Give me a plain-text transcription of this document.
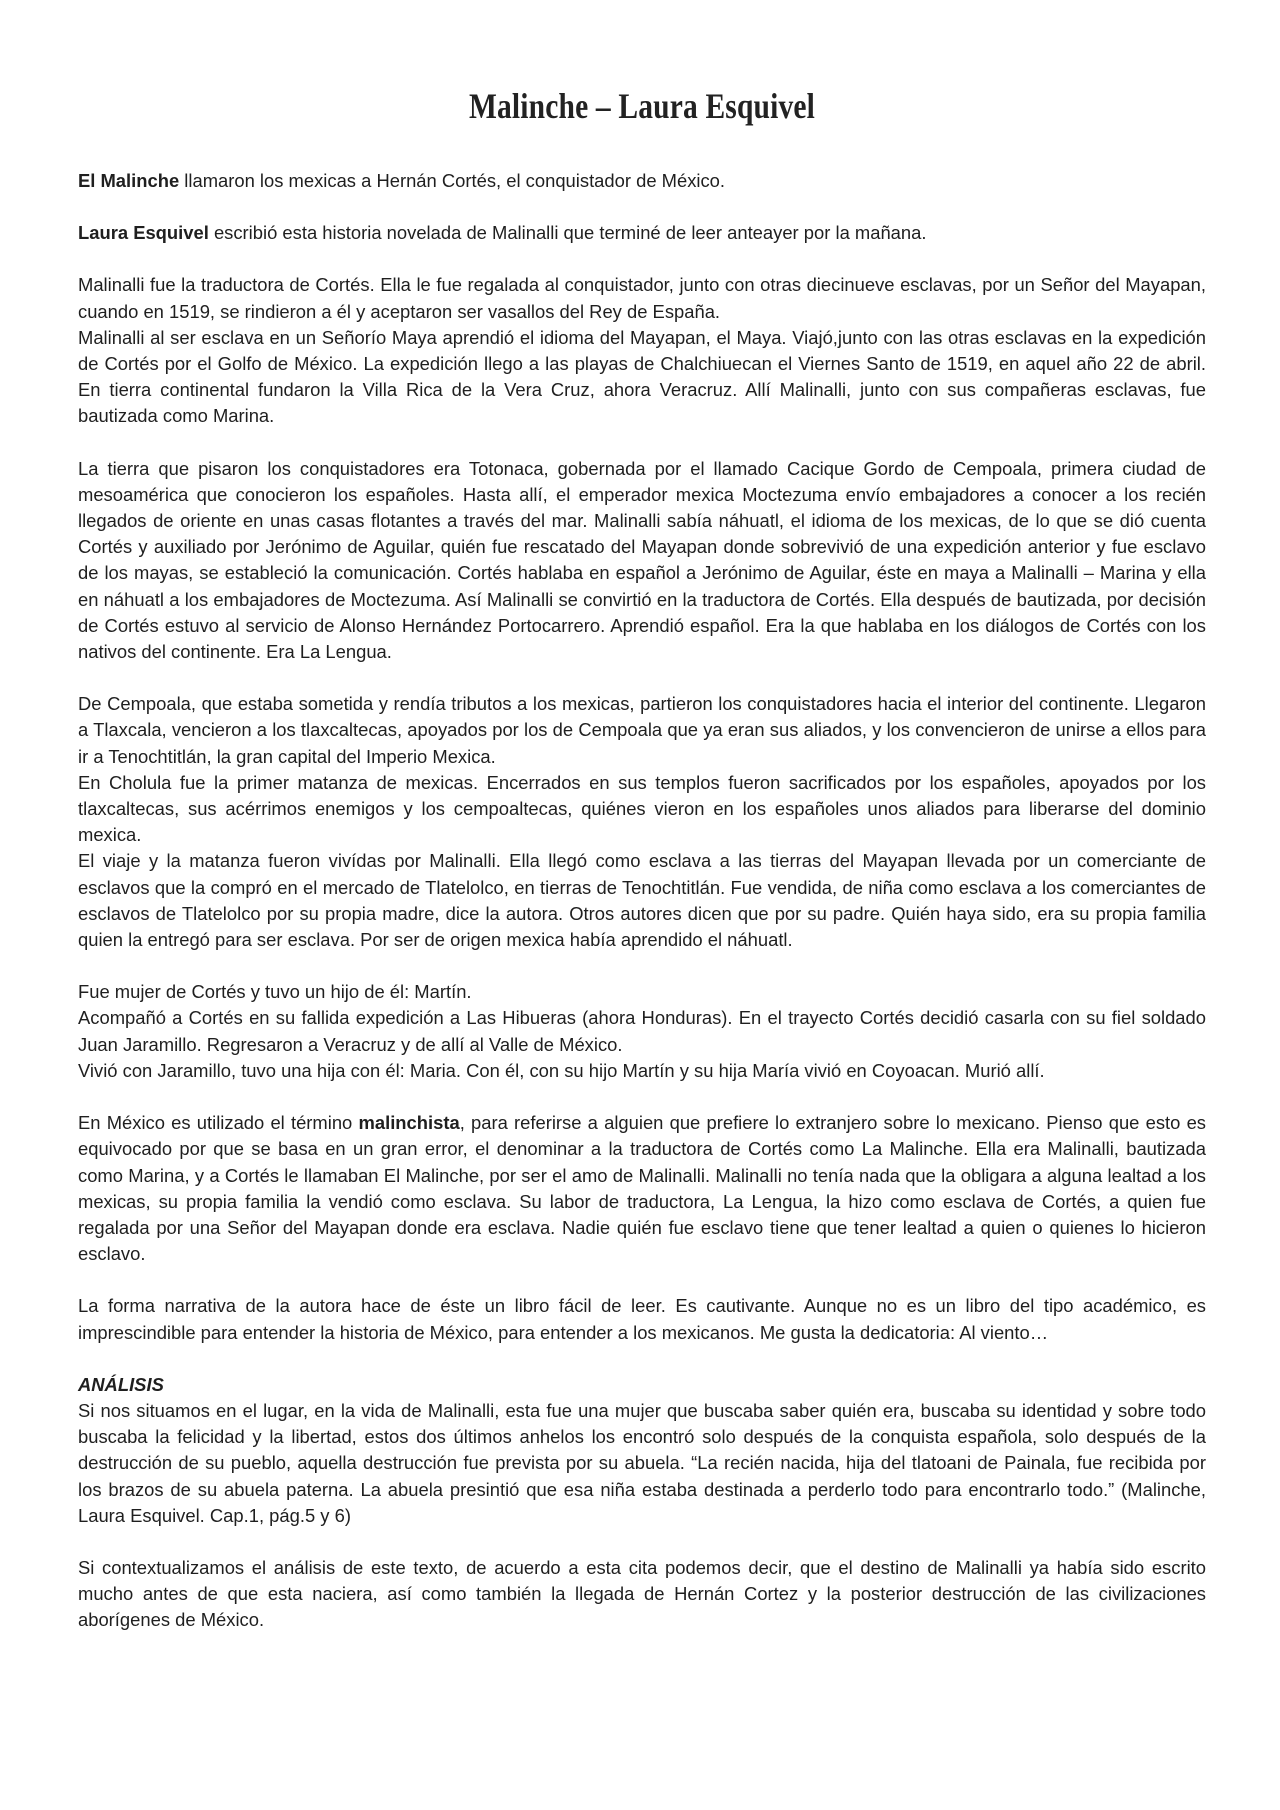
Malinche – Laura Esquivel

El Malinche llamaron los mexicas a Hernán Cortés, el conquistador de México.

Laura Esquivel escribió esta historia novelada de Malinalli que terminé de leer anteayer por la mañana.

Malinalli fue la traductora de Cortés. Ella le fue regalada al conquistador, junto con otras diecinueve esclavas, por un Señor del Mayapan, cuando en 1519, se rindieron a él y aceptaron ser vasallos del Rey de España.

Malinalli al ser esclava en un Señorío Maya aprendió el idioma del Mayapan, el Maya. Viajó,junto con las otras esclavas en la expedición de Cortés por el Golfo de México. La expedición llego a las playas de Chalchiuecan el Viernes Santo de 1519, en aquel año 22 de abril. En tierra continental fundaron la Villa Rica de la Vera Cruz, ahora Veracruz. Allí Malinalli, junto con sus compañeras esclavas, fue bautizada como Marina.

La tierra que pisaron los conquistadores era Totonaca, gobernada por el llamado Cacique Gordo de Cempoala, primera ciudad de mesoamérica que conocieron los españoles. Hasta allí, el emperador mexica Moctezuma envío embajadores a conocer a los recién llegados de oriente en unas casas flotantes a través del mar. Malinalli sabía náhuatl, el idioma de los mexicas, de lo que se dió cuenta Cortés y auxiliado por Jerónimo de Aguilar, quién fue rescatado del Mayapan donde sobrevivió de una expedición anterior y fue esclavo de los mayas, se estableció la comunicación. Cortés hablaba en español a Jerónimo de Aguilar, éste en maya a Malinalli – Marina y ella en náhuatl a los embajadores de Moctezuma. Así Malinalli se convirtió en la traductora de Cortés. Ella después de bautizada, por decisión de Cortés estuvo al servicio de Alonso Hernández Portocarrero. Aprendió español. Era la que hablaba en los diálogos de Cortés con los nativos del continente. Era La Lengua.

De Cempoala, que estaba sometida y rendía tributos a los mexicas, partieron los conquistadores hacia el interior del continente. Llegaron a Tlaxcala, vencieron a los tlaxcaltecas, apoyados por los de Cempoala que ya eran sus aliados, y los convencieron de unirse a ellos para ir a Tenochtitlán, la gran capital del Imperio Mexica.

En Cholula fue la primer matanza de mexicas. Encerrados en sus templos fueron sacrificados por los españoles, apoyados por los tlaxcaltecas, sus acérrimos enemigos y los cempoaltecas, quiénes vieron en los españoles unos aliados para liberarse del dominio mexica.

El viaje y la matanza fueron vivídas por Malinalli. Ella llegó como esclava a las tierras del Mayapan llevada por un comerciante de esclavos que la compró en el mercado de Tlatelolco, en tierras de Tenochtitlán. Fue vendida, de niña como esclava a los comerciantes de esclavos de Tlatelolco por su propia madre, dice la autora. Otros autores dicen que por su padre. Quién haya sido, era su propia familia quien la entregó para ser esclava. Por ser de origen mexica había aprendido el náhuatl.

Fue mujer de Cortés y tuvo un hijo de él: Martín.

Acompañó a Cortés en su fallida expedición a Las Hibueras (ahora Honduras). En el trayecto Cortés decidió casarla con su fiel soldado Juan Jaramillo. Regresaron a Veracruz y de allí al Valle de México.

Vivió con Jaramillo, tuvo una hija con él: Maria. Con él, con su hijo Martín y su hija María vivió en Coyoacan. Murió allí.

En México es utilizado el término malinchista, para referirse a alguien que prefiere lo extranjero sobre lo mexicano. Pienso que esto es equivocado por que se basa en un gran error, el denominar a la traductora de Cortés como La Malinche. Ella era Malinalli, bautizada como Marina, y a Cortés le llamaban El Malinche, por ser el amo de Malinalli. Malinalli no tenía nada que la obligara a alguna lealtad a los mexicas, su propia familia la vendió como esclava. Su labor de traductora, La Lengua, la hizo como esclava de Cortés, a quien fue regalada por una Señor del Mayapan donde era esclava. Nadie quién fue esclavo tiene que tener lealtad a quien o quienes lo hicieron esclavo.

La forma narrativa de la autora hace de éste un libro fácil de leer. Es cautivante. Aunque no es un libro del tipo académico, es imprescindible para entender la historia de México, para entender a los mexicanos. Me gusta la dedicatoria: Al viento…

ANÁLISIS

Si nos situamos en el lugar, en la vida de Malinalli, esta fue una mujer que buscaba saber quién era, buscaba su identidad y sobre todo buscaba la felicidad y la libertad, estos dos últimos anhelos los encontró solo después de la conquista española, solo después de la destrucción de su pueblo, aquella destrucción fue prevista por su abuela. “La recién nacida, hija del tlatoani de Painala, fue recibida por los brazos de su abuela paterna. La abuela presintió que esa niña estaba destinada a perderlo todo para encontrarlo todo.” (Malinche, Laura Esquivel. Cap.1, pág.5 y 6)

Si contextualizamos el análisis de este texto, de acuerdo a esta cita podemos decir, que el destino de Malinalli ya había sido escrito mucho antes de que esta naciera, así como también la llegada de Hernán Cortez y la posterior destrucción de las civilizaciones aborígenes de México.
